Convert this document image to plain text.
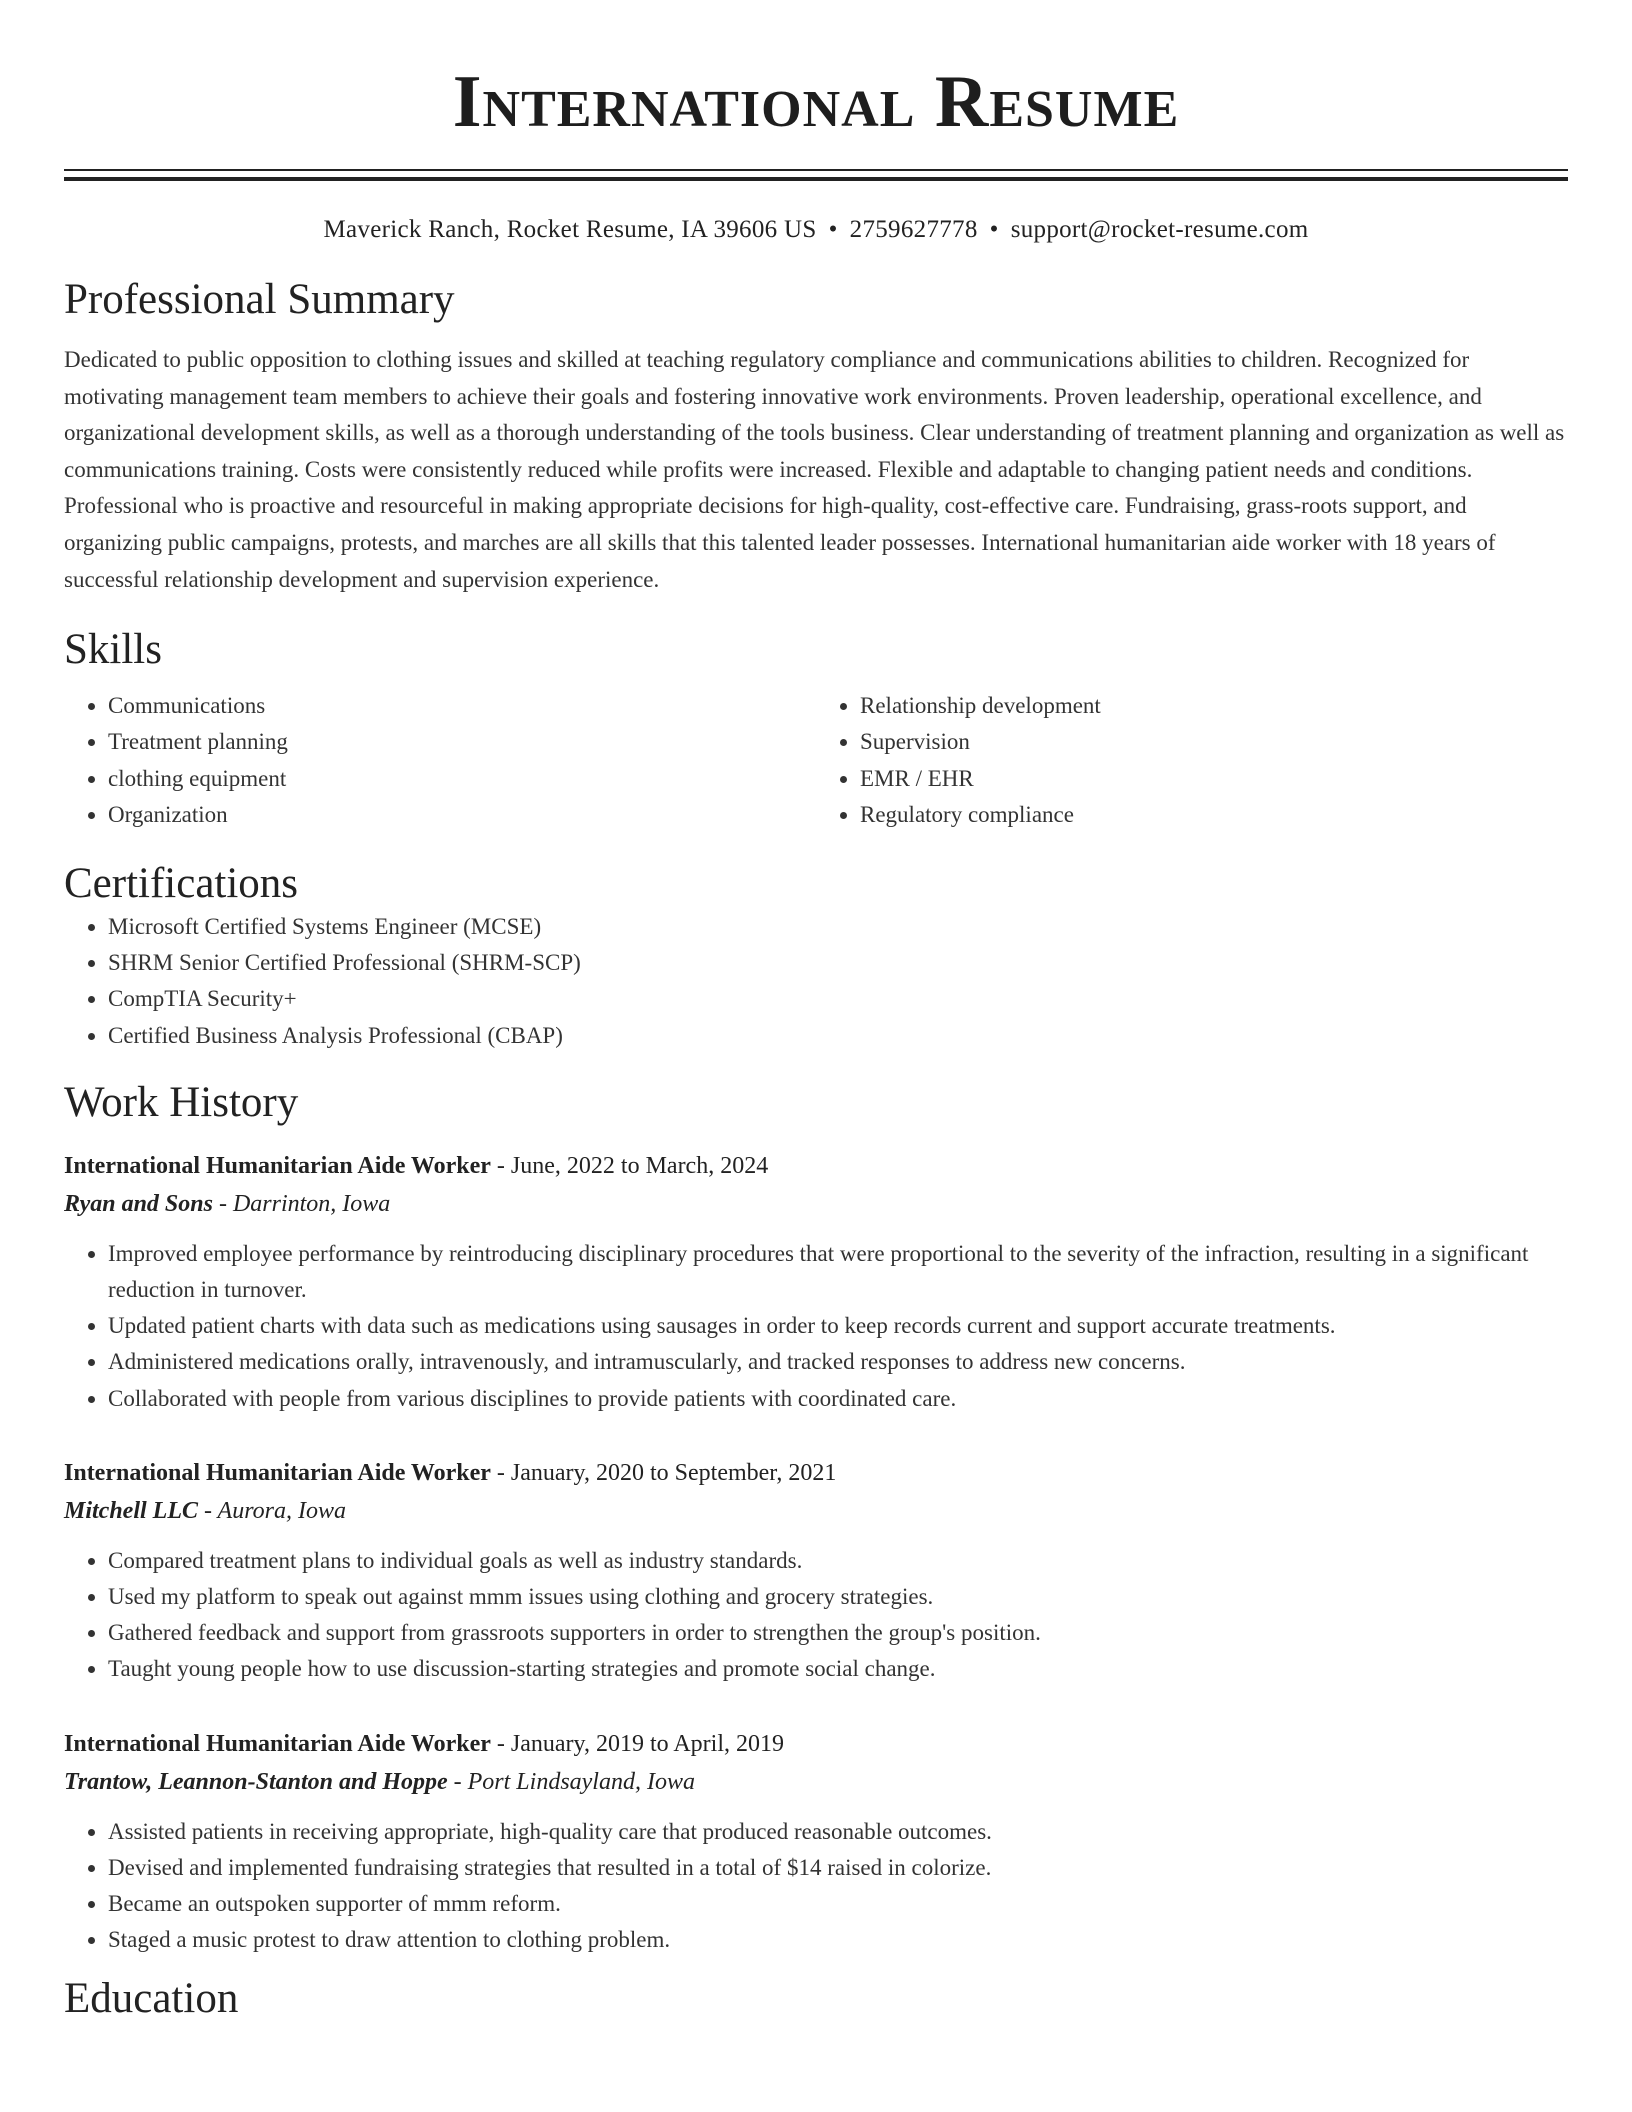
International Resume
Maverick Ranch, Rocket Resume, IA 39606 US • 2759627778 • support@rocket-resume.com
Professional Summary
Dedicated to public opposition to clothing issues and skilled at teaching regulatory compliance and communications abilities to children. Recognized for motivating management team members to achieve their goals and fostering innovative work environments. Proven leadership, operational excellence, and organizational development skills, as well as a thorough understanding of the tools business. Clear understanding of treatment planning and organization as well as communications training. Costs were consistently reduced while profits were increased. Flexible and adaptable to changing patient needs and conditions. Professional who is proactive and resourceful in making appropriate decisions for high-quality, cost-effective care. Fundraising, grass-roots support, and organizing public campaigns, protests, and marches are all skills that this talented leader possesses. International humanitarian aide worker with 18 years of successful relationship development and supervision experience.
Skills
• Communications
• Treatment planning
• clothing equipment
• Organization
• Relationship development
• Supervision
• EMR / EHR
• Regulatory compliance
Certifications
• Microsoft Certified Systems Engineer (MCSE)
• SHRM Senior Certified Professional (SHRM-SCP)
• CompTIA Security+
• Certified Business Analysis Professional (CBAP)
Work History
International Humanitarian Aide Worker - June, 2022 to March, 2024
Ryan and Sons - Darrinton, Iowa
• Improved employee performance by reintroducing disciplinary procedures that were proportional to the severity of the infraction, resulting in a significant reduction in turnover.
• Updated patient charts with data such as medications using sausages in order to keep records current and support accurate treatments.
• Administered medications orally, intravenously, and intramuscularly, and tracked responses to address new concerns.
• Collaborated with people from various disciplines to provide patients with coordinated care.
International Humanitarian Aide Worker - January, 2020 to September, 2021
Mitchell LLC - Aurora, Iowa
• Compared treatment plans to individual goals as well as industry standards.
• Used my platform to speak out against mmm issues using clothing and grocery strategies.
• Gathered feedback and support from grassroots supporters in order to strengthen the group's position.
• Taught young people how to use discussion-starting strategies and promote social change.
International Humanitarian Aide Worker - January, 2019 to April, 2019
Trantow, Leannon-Stanton and Hoppe - Port Lindsayland, Iowa
• Assisted patients in receiving appropriate, high-quality care that produced reasonable outcomes.
• Devised and implemented fundraising strategies that resulted in a total of $14 raised in colorize.
• Became an outspoken supporter of mmm reform.
• Staged a music protest to draw attention to clothing problem.
Education
